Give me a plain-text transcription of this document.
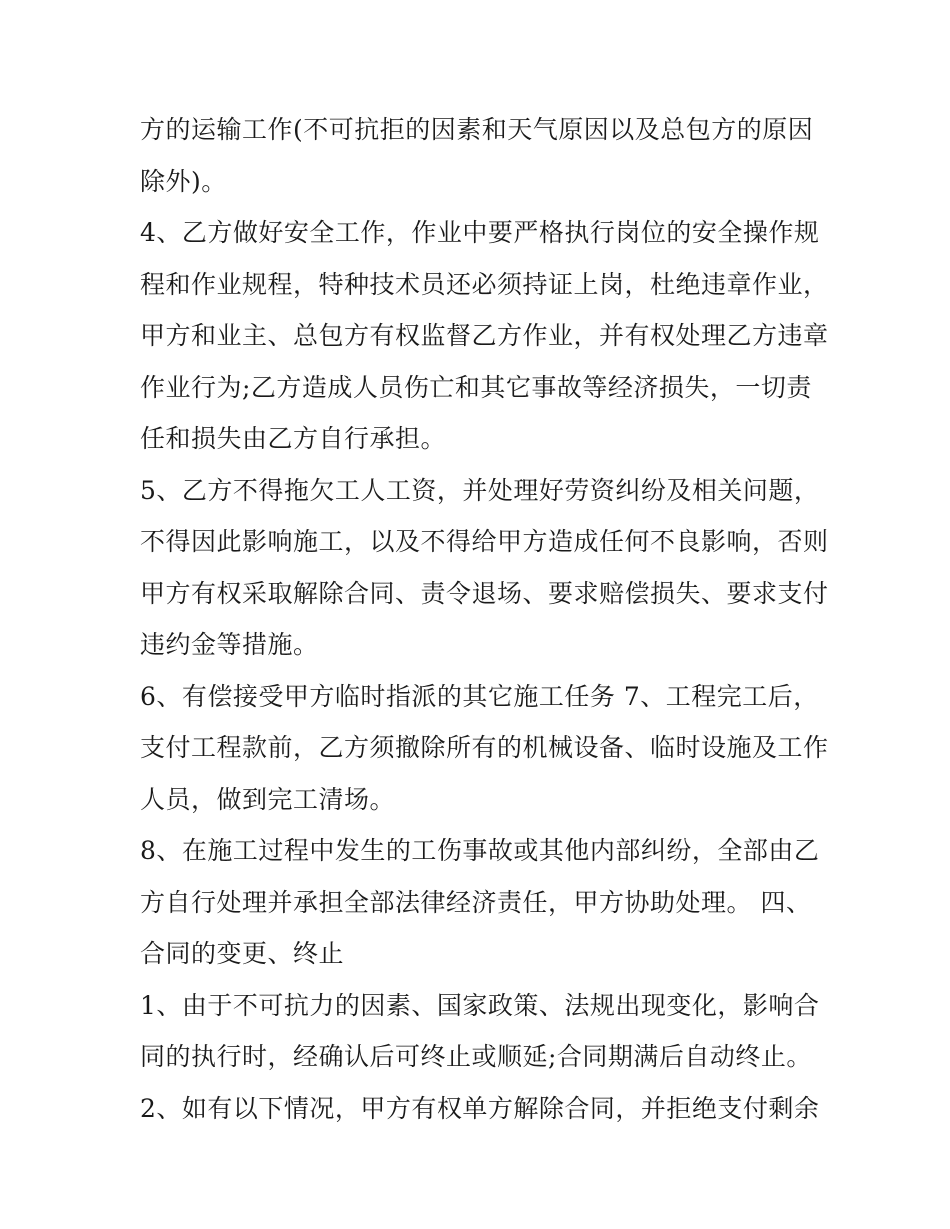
方的运输工作(不可抗拒的因素和天气原因以及总包方的原因
除外)。
4、乙方做好安全工作，作业中要严格执行岗位的安全操作规
程和作业规程，特种技术员还必须持证上岗，杜绝违章作业，
甲方和业主、总包方有权监督乙方作业，并有权处理乙方违章
作业行为;乙方造成人员伤亡和其它事故等经济损失，一切责
任和损失由乙方自行承担。
5、乙方不得拖欠工人工资，并处理好劳资纠纷及相关问题，
不得因此影响施工，以及不得给甲方造成任何不良影响，否则
甲方有权采取解除合同、责令退场、要求赔偿损失、要求支付
违约金等措施。
6、有偿接受甲方临时指派的其它施工任务 7、工程完工后，
支付工程款前，乙方须撤除所有的机械设备、临时设施及工作
人员，做到完工清场。
8、在施工过程中发生的工伤事故或其他内部纠纷，全部由乙
方自行处理并承担全部法律经济责任，甲方协助处理。 四、
合同的变更、终止
1、由于不可抗力的因素、国家政策、法规出现变化，影响合
同的执行时，经确认后可终止或顺延;合同期满后自动终止。
2、如有以下情况，甲方有权单方解除合同，并拒绝支付剩余
